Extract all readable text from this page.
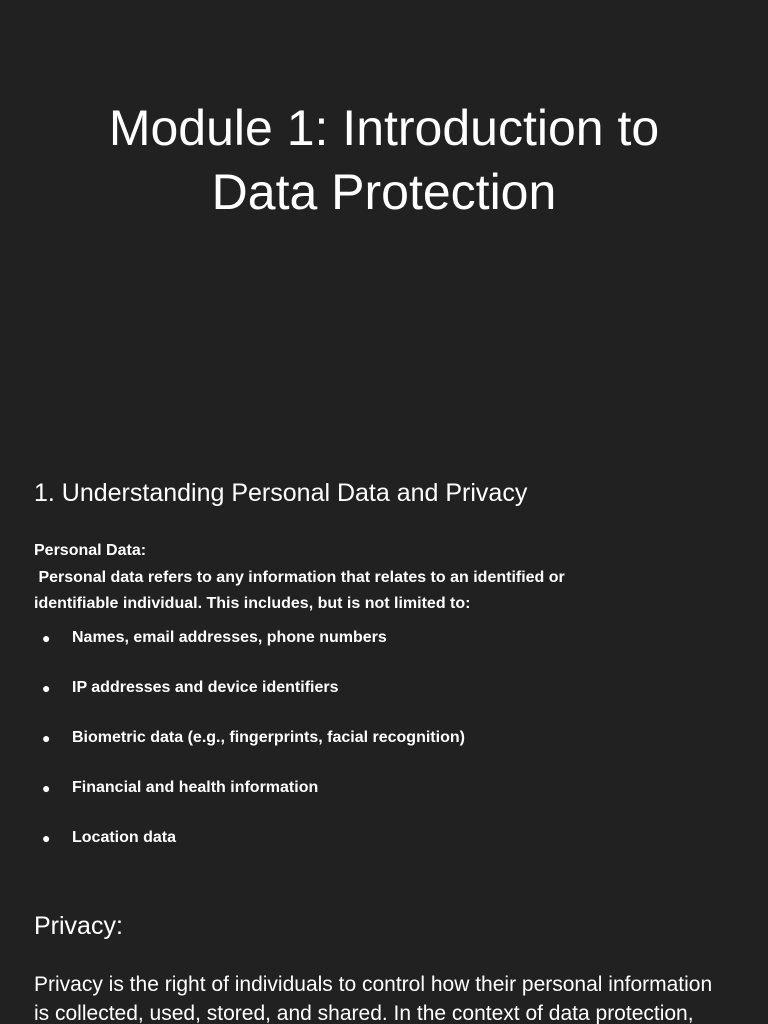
Module 1: Introduction to
Data Protection
1. Understanding Personal Data and Privacy
Personal Data:
Personal data refers to any information that relates to an identified or
identifiable individual. This includes, but is not limited to:
● Names, email addresses, phone numbers
● IP addresses and device identifiers
● Biometric data (e.g., fingerprints, facial recognition)
● Financial and health information
● Location data
Privacy:
Privacy is the right of individuals to control how their personal information
is collected, used, stored, and shared. In the context of data protection,
